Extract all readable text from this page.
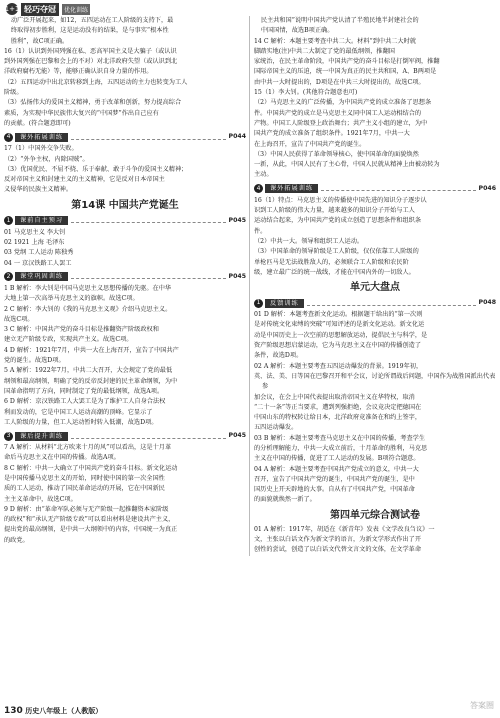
1+1 轻巧夺冠	优化训练

动广泛开展起来，如12，五四运动在工人阶级的支持下，最

终取得初步胜利，这是运动没有的结果，是与事实“根本性

胜利”，故C项正确。

16（1）认识到外国列强在私、恶高军国主义是大骗子（或认识

到外国列强在巴黎和会上的不对）对北洋政府失望（或认识到北

洋政府腐朽无能）等，能够正确认识自身力量的作用。

（2）五四运动中出北京转移到上海，五四运动的主力也转变为工人

阶级。

（3）弘扬伟大的爱国主义精神，勇于改革和创新，努力提高综合

素质，为实现中华民族伟大复兴的“中国梦”作出自己应有

的贡献。(符合题意即可)

4	课外拓展训练	P044

17（1）中国外交争失败。

（2）“外争主权，内除国贼”。

（3）优国优民、不屈不挠、乐于奉献、敢于斗争的爱国主义精神；

反对帝国主义和封建主义的主义精神，它是反对日本帝国主

义侵华的民族主义精神。

第14课 中国共产党诞生
1	课前自主预习	P045

01 马克思主义 李大钊

02 1921 上海 毛泽东

03 党纲 工人运动 陈独秀

04 一 京汉铁路工人罢工

2	课堂巩固训练	P045

1 B 解析：李大钊是中国马克思主义思想传播的先驱。在中华

大地上第一次高举马克思主义的旗帜。故选C项。

2 C 解析：李大钊的《我的马克思主义观》介绍马克思主义。

故选C项。

3 C 解析：中国共产党的奋斗目标是推翻资产阶级政权和

建立无产阶级专政，实现共产主义。故选C项。

4 D 解析：1921年7月，中共一大在上海召开，宣告了中国共产

党的诞生。故选D项。

5 A 解析：1922年7月，中共二大召开，大会规定了党的最低

纲领和最高纲领，明确了党的反帝反封建的民主革命纲领，为中

国革命指明了方向，同时制定了党的最低纲领，故选A项。

6 D 解析：京汉铁路工人大罢工是为了维护工人自身合法权

利而发动的，它是中国工人运动高潮的顶峰。它显示了

工人阶级的力量，但工人运动暂时转入低潮，故选D项。

3	课后提升训练	P045

7 A 解析：从材料“北方吹来十月的风”可以看出，这是十月革

命后马克思主义在中国的传播。故选A项。

8 C 解析：中共一大确立了中国共产党的奋斗目标。新文化运动

是中国传播马克思主义的开始，同时使中国的第一次全国性

质的工人运动，推动了国民革命运动的开展，它在中国新民

主主义革命中，故选C项。

9 D 解析：由“革命军队必须与无产阶级一起推翻资本家阶级

的政权”和“承认无产阶级专政”可以看出材料是建设共产主义，

提出党的最高纲领，是中共一大纲领中的内容，中国统一为真正

的政党。

民主共和国”说明中国共产党认清了半殖民地半封建社会的

中国国情，故选B项正确。

14 C 解析：本题主要考查中共二大。材料“到中共二大时就

脚踏实地(注)中共二大制定了党的最低纲领，推翻国

家统治，在民主革命阶段，中国共产党的奋斗目标是打倒军阀，推翻

国际帝国主义的压迫，统一中国为真正的民主共和国，A、B两项是

由中共一大时提出的，D项是在中共三大时提出的，故选C项。

15（1）李大钊。(其他符合题意也可)

（2）马克思主义的广泛传播，为中国共产党的成立准备了思想条

件。中国共产党的成立是马克思主义同中国工人运动相结合的

产物。中国工人阶级登上政治舞台；共产主义小组的建立，为中

国共产党的成立准备了组织条件。1921年7月，中共一大

在上海召开，宣告了中国共产党的诞生。

（3）中国人民获得了革命领导核心，使中国革命的面貌焕然

一新，从此，中国人民有了主心骨，中国人民就从精神上由被动转为

主动。

4	课外拓展训练	P046

16（1）特点：马克思主义的传播使中国先进的知识分子逐步认

识到工人阶级的伟大力量，越来越多的知识分子开始与工人

运动结合起来，为中国共产党的成立创造了思想条件和组织条

件。

（2）中共一大。领导和组织工人运动。

（3）中国革命的领导阶级是工人阶级，仅仅依靠工人阶级的

单枪匹马是无法战胜敌人的，必须联合工人阶级和农民阶

级，建立最广泛的统一战线，才能在中国内外的一切敌人。

单元大盘点
1	反馈训练	P048

01 D 解析：本题考查新文化运动。根据题干给出的“第一次则

是对传统文化束缚的突破”可知评述的是新文化运动。新文化运

动是中国历史上一次空前的思想解放运动，提倡民主与科学，是

资产阶级思想启蒙运动，它为马克思主义在中国的传播创造了

条件，故选D项。

02 A 解析：本题主要考查五四运动爆发的背景。1919年初，

英、法、美、日等国在巴黎召开和平会议，讨论所谓战后问题，中国作为战胜国派出代表参

加会议，在会上中国代表提出取消帝国主义在华特权，取消

“二十一条”等正当要求，遭到列强拒绝，会议竟决定把德国在

中国山东的特权转让给日本，北洋政府竟准备在和约上签字，

五四运动爆发。

03 B 解析：本题主要考查马克思主义在中国的传播，考查学生

的分析理解能力，中共一大成立前后，十月革命的胜利，马克思

主义在中国的传播，促进了工人运动的发展。B项符合题意。

04 A 解析：本题主要考查中国共产党成立的意义，中共一大

召开，宣告了中国共产党的诞生，中国共产党的诞生，是中

国历史上开天辟地的大事。自从有了中国共产党，中国革命

的面貌就焕然一新了。

第四单元综合测试卷

01 A 解析：1917年，胡适在《新青年》发表《文学改良刍议》一

文，主张以白话文作为新文学的语言，为新文学形式作出了开

创性的尝试，创造了以白话文代替文言文的文体，在文学革命

130 历史八年级上（人教版）
答案圈
